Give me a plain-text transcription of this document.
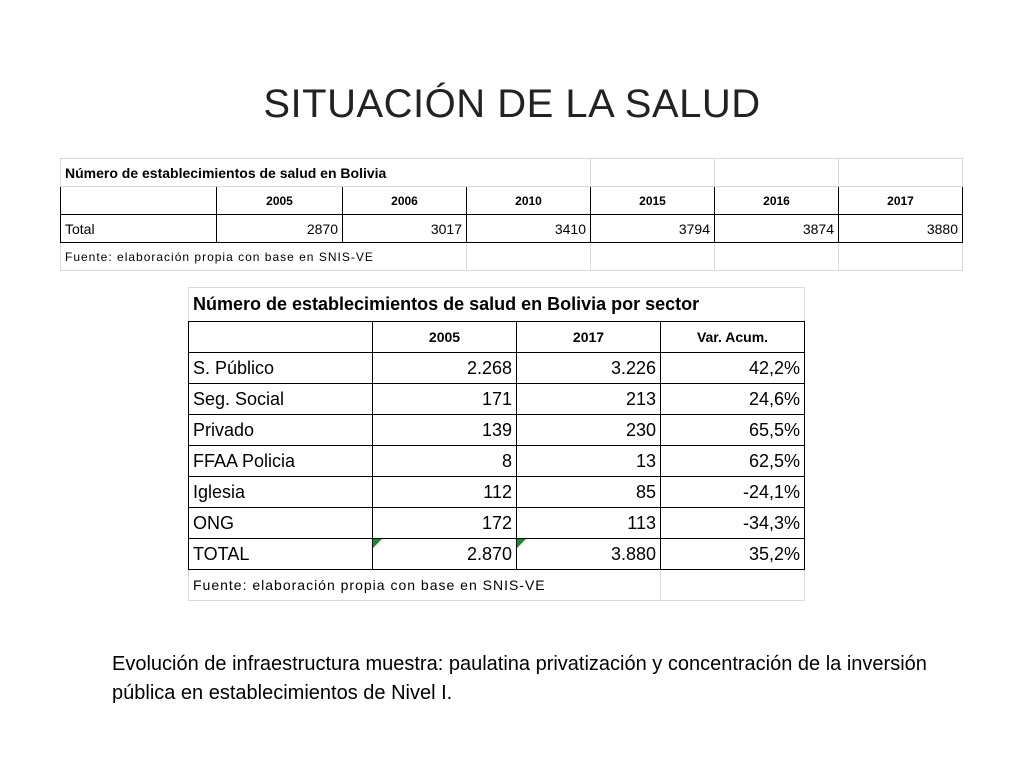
SITUACIÓN DE LA SALUD
Número de establecimientos de salud en Bolivia						
	2005	2006	2010	2015	2016	2017
Total	2870	3017	3410	3794	3874	3880
Fuente: elaboración propia con base en SNIS-VE						
Número de establecimientos de salud en Bolivia por sector			
	2005	2017	Var. Acum.
S. Público	2.268	3.226	42,2%
Seg. Social	171	213	24,6%
Privado	139	230	65,5%
FFAA Policia	8	13	62,5%
Iglesia	112	85	-24,1%
ONG	172	113	-34,3%
TOTAL	2.870	3.880	35,2%
Fuente: elaboración propia con base en SNIS-VE			
Evolución de infraestructura muestra: paulatina privatización y concentración de la inversión pública en establecimientos de Nivel I.
